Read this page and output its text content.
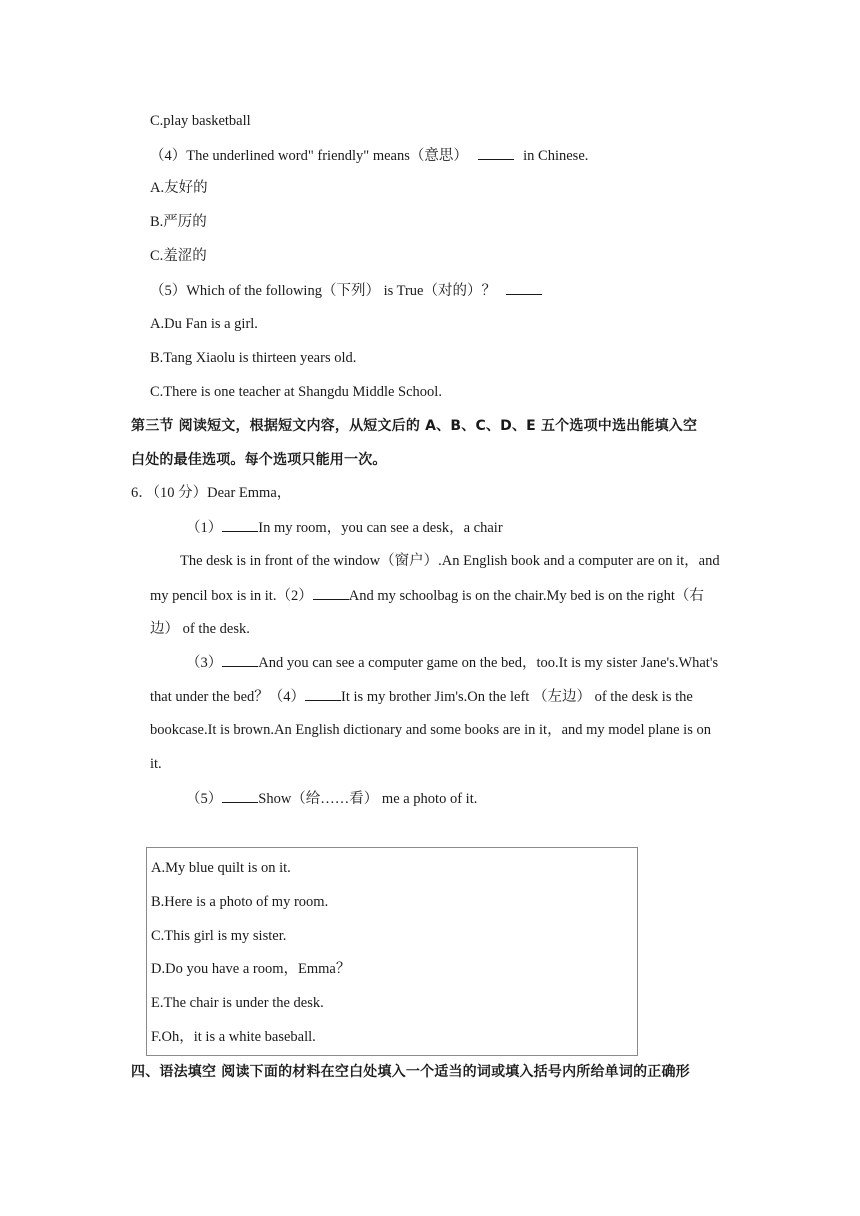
C.play basketball
（4）The underlined word" friendly" means（意思）	in Chinese.
A.友好的
B.严厉的
C.羞涩的
（5）Which of the following（下列） is True（对的）？
A.Du Fan is a girl.
B.Tang Xiaolu is thirteen years old.
C.There is one teacher at Shangdu Middle School.
第三节 阅读短文，根据短文内容，从短文后的 A、B、C、D、E 五个选项中选出能填入空
白处的最佳选项。每个选项只能用一次。
6．（10 分）Dear Emma，
（1） In my room，you can see a desk，a chair
The desk is in front of the window（窗户）.An English book and a computer are on it，and
my pencil box is in it.（2） And my schoolbag is on the chair.My bed is on the right（右
边） of the desk.
（3） And you can see a computer game on the bed，too.It is my sister Jane's.What's
that under the bed？（4） It is my brother Jim's.On the left （左边） of the desk is the
bookcase.It is brown.An English dictionary and some books are in it，and my model plane is on
it.
（5） Show（给……看） me a photo of it.
A.My blue quilt is on it.
B.Here is a photo of my room.
C.This girl is my sister.
D.Do you have a room，Emma？
E.The chair is under the desk.
F.Oh，it is a white baseball.
四、语法填空 阅读下面的材料在空白处填入一个适当的词或填入括号内所给单词的正确形
